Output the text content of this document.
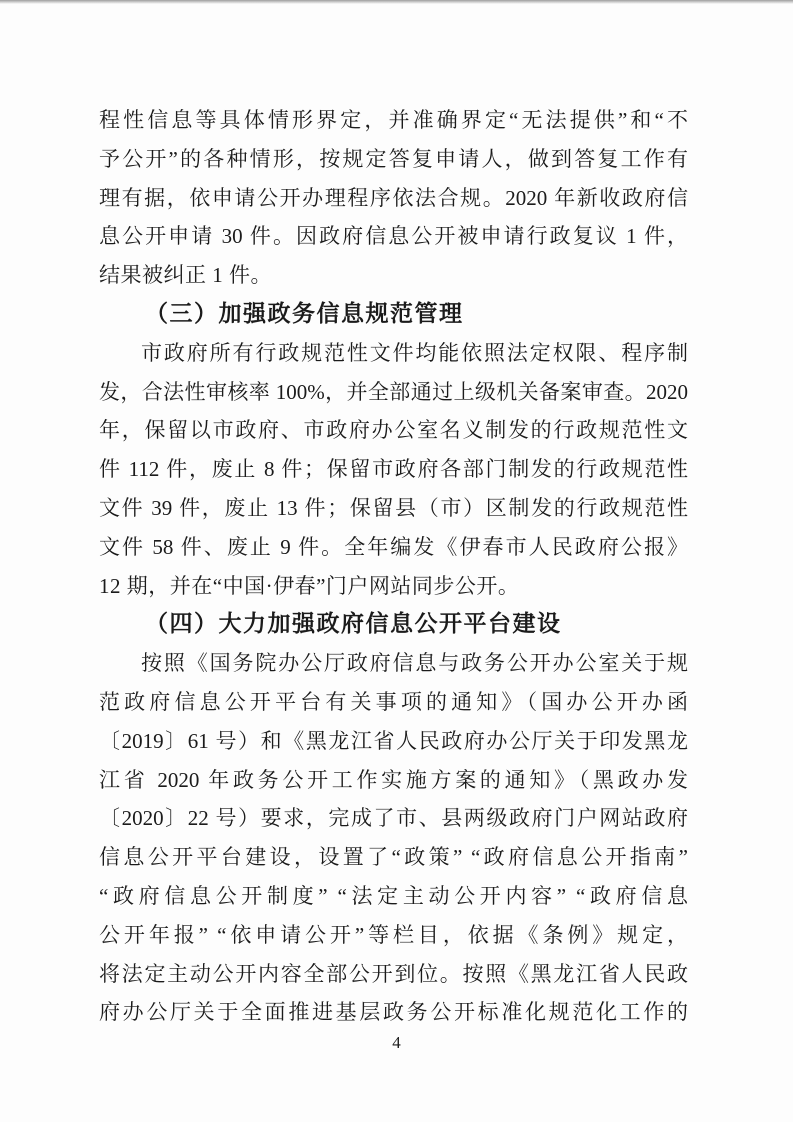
程性信息等具体情形界定，并准确界定“无法提供”和“不
予公开”的各种情形，按规定答复申请人，做到答复工作有
理有据，依申请公开办理程序依法合规。2020 年新收政府信
息公开申请 30 件。因政府信息公开被申请行政复议 1 件，
结果被纠正 1 件。
（三）加强政务信息规范管理
市政府所有行政规范性文件均能依照法定权限、程序制
发，合法性审核率 100%，并全部通过上级机关备案审查。2020
年，保留以市政府、市政府办公室名义制发的行政规范性文
件 112 件，废止 8 件；保留市政府各部门制发的行政规范性
文件 39 件，废止 13 件；保留县（市）区制发的行政规范性
文件 58 件、废止 9 件。全年编发《伊春市人民政府公报》
12 期，并在“中国·伊春”门户网站同步公开。
（四）大力加强政府信息公开平台建设
按照《国务院办公厅政府信息与政务公开办公室关于规
范政府信息公开平台有关事项的通知》（国办公开办函
〔2019〕61 号）和《黑龙江省人民政府办公厅关于印发黑龙
江省 2020 年政务公开工作实施方案的通知》（黑政办发
〔2020〕22 号）要求，完成了市、县两级政府门户网站政府
信息公开平台建设，设置了“政策” “政府信息公开指南”
“政府信息公开制度” “法定主动公开内容” “政府信息
公开年报” “依申请公开”等栏目，依据《条例》规定，
将法定主动公开内容全部公开到位。按照《黑龙江省人民政
府办公厅关于全面推进基层政务公开标准化规范化工作的
4
